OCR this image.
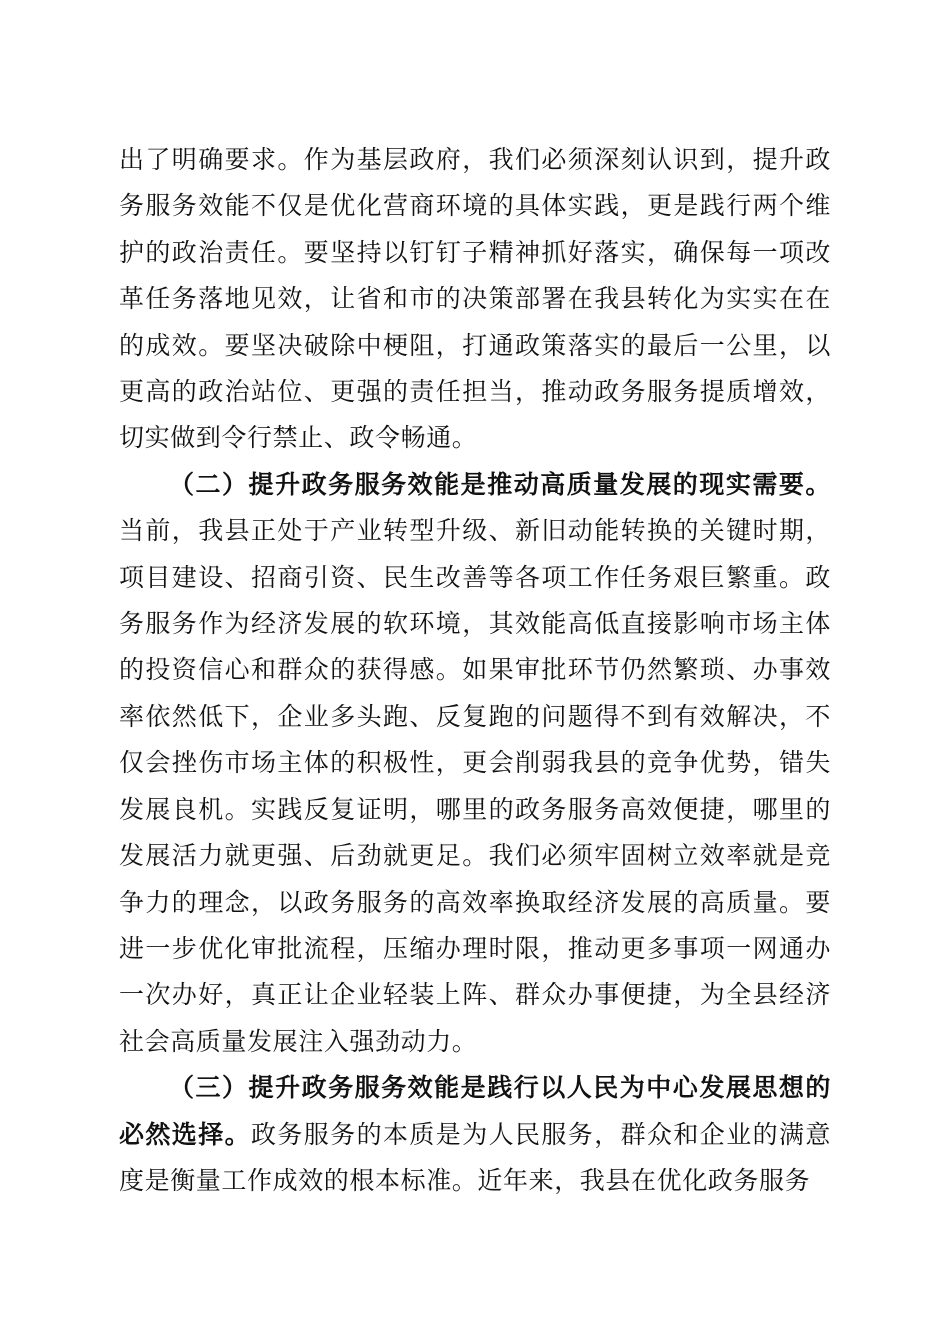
出了明确要求。作为基层政府，我们必须深刻认识到，提升政务服务效能不仅是优化营商环境的具体实践，更是践行两个维护的政治责任。要坚持以钉钉子精神抓好落实，确保每一项改革任务落地见效，让省和市的决策部署在我县转化为实实在在的成效。要坚决破除中梗阻，打通政策落实的最后一公里，以更高的政治站位、更强的责任担当，推动政务服务提质增效，切实做到令行禁止、政令畅通。

（二）提升政务服务效能是推动高质量发展的现实需要。当前，我县正处于产业转型升级、新旧动能转换的关键时期，项目建设、招商引资、民生改善等各项工作任务艰巨繁重。政务服务作为经济发展的软环境，其效能高低直接影响市场主体的投资信心和群众的获得感。如果审批环节仍然繁琐、办事效率依然低下，企业多头跑、反复跑的问题得不到有效解决，不仅会挫伤市场主体的积极性，更会削弱我县的竞争优势，错失发展良机。实践反复证明，哪里的政务服务高效便捷，哪里的发展活力就更强、后劲就更足。我们必须牢固树立效率就是竞争力的理念，以政务服务的高效率换取经济发展的高质量。要进一步优化审批流程，压缩办理时限，推动更多事项一网通办一次办好，真正让企业轻装上阵、群众办事便捷，为全县经济社会高质量发展注入强劲动力。

（三）提升政务服务效能是践行以人民为中心发展思想的必然选择。政务服务的本质是为人民服务，群众和企业的满意度是衡量工作成效的根本标准。近年来，我县在优化政务服务
